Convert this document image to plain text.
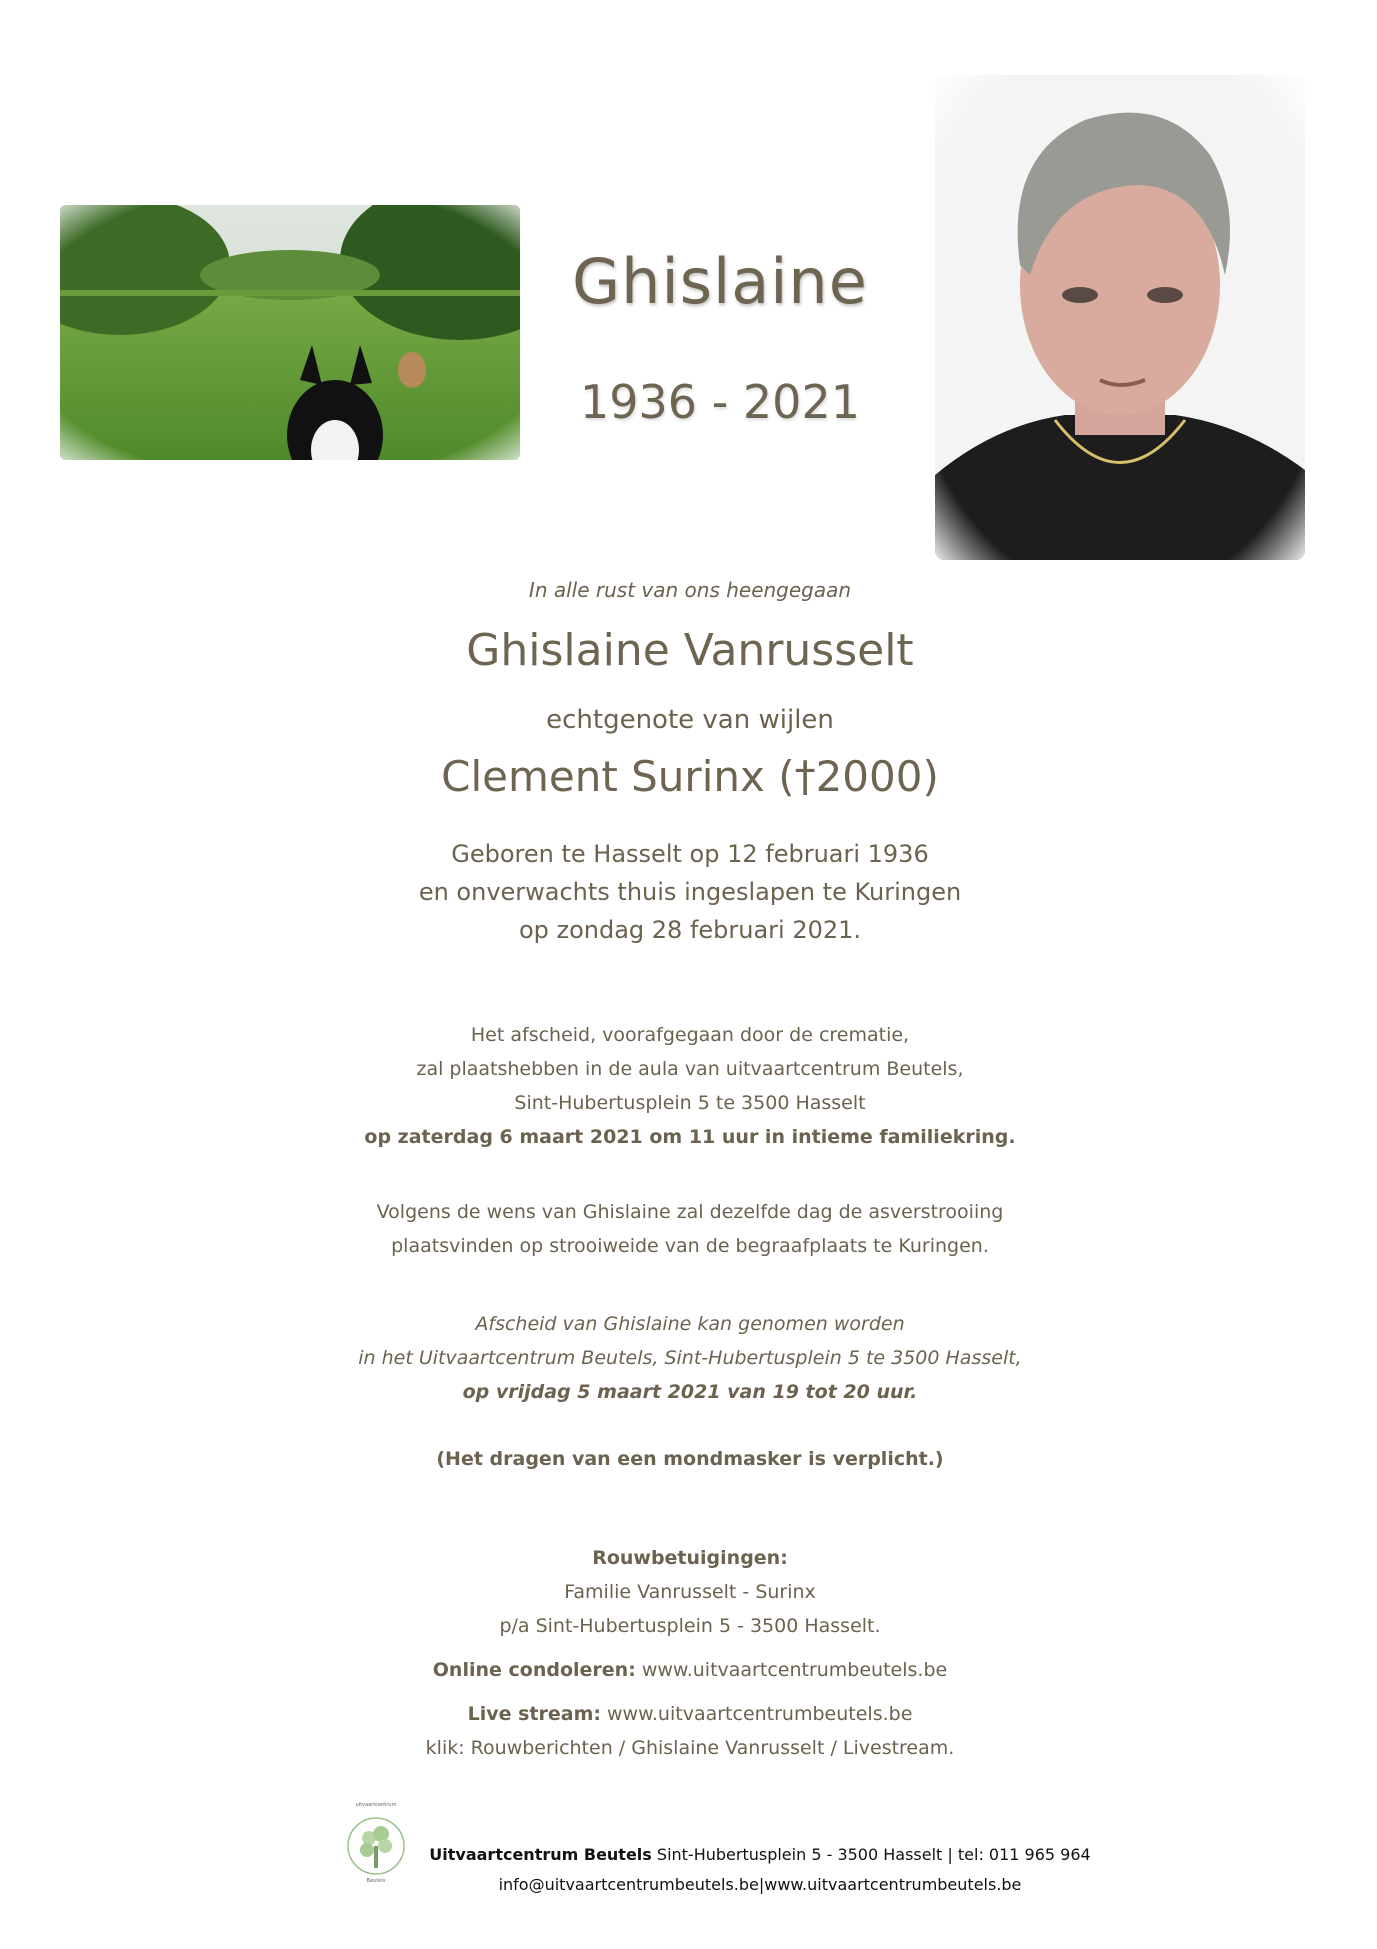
Ghislaine
1936 - 2021
In alle rust van ons heengegaan
Ghislaine Vanrusselt
echtgenote van wijlen
Clement Surinx (†2000)
Geboren te Hasselt op 12 februari 1936
en onverwachts thuis ingeslapen te Kuringen
op zondag 28 februari 2021.
Het afscheid, voorafgegaan door de crematie,
zal plaatshebben in de aula van uitvaartcentrum Beutels,
Sint-Hubertusplein 5 te 3500 Hasselt
op zaterdag 6 maart 2021 om 11 uur in intieme familiekring.
Volgens de wens van Ghislaine zal dezelfde dag de asverstrooiing
plaatsvinden op strooiweide van de begraafplaats te Kuringen.
Afscheid van Ghislaine kan genomen worden
in het Uitvaartcentrum Beutels, Sint-Hubertusplein 5 te 3500 Hasselt,
op vrijdag 5 maart 2021 van 19 tot 20 uur.
(Het dragen van een mondmasker is verplicht.)
Rouwbetuigingen:
Familie Vanrusselt - Surinx
p/a Sint-Hubertusplein 5 - 3500 Hasselt.
Online condoleren: www.uitvaartcentrumbeutels.be
Live stream: www.uitvaartcentrumbeutels.be
klik: Rouwberichten / Ghislaine Vanrusselt / Livestream.
uitvaartcentrum
Beutels
Uitvaartcentrum Beutels Sint-Hubertusplein 5 - 3500 Hasselt | tel: 011 965 964
info@uitvaartcentrumbeutels.be|www.uitvaartcentrumbeutels.be
